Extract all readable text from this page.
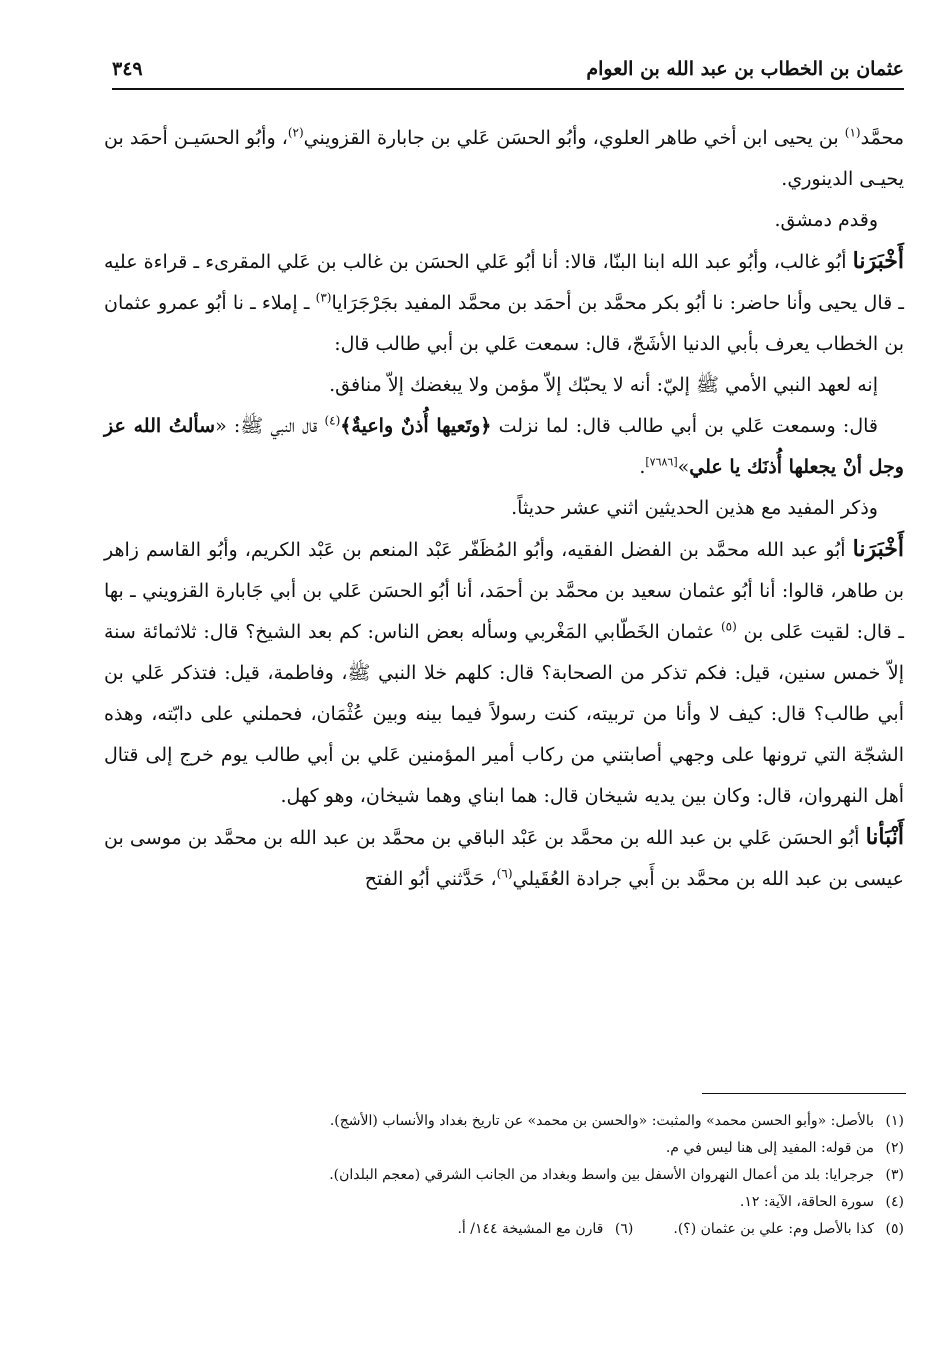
عثمان بن الخطاب بن عبد الله بن العوام
٣٤٩

محمَّد$^{(١)}$ بن يحيى ابن أخي طاهر العلوي، وأبُو الحسَن عَلي بن جابارة القزويني$^{(٢)}$، وأبُو الحسَيـن أحمَد بن يحيـى الدينوري.

وقدم دمشق.

أَخْبَرَنا أبُو غالب، وأبُو عبد الله ابنا البنّا، قالا: أنا أبُو عَلي الحسَن بن غالب بن عَلي المقرىء ـ قراءة عليه ـ قال يحيى وأنا حاضر: نا أبُو بكر محمَّد بن أحمَد بن محمَّد المفيد بجَرْجَرَايا$^{(٣)}$ ـ إملاء ـ نا أبُو عمرو عثمان بن الخطاب يعرف بأبي الدنيا الأشَجّ، قال: سمعت عَلي بن أبي طالب قال:

إنه لعهد النبي الأمي ﷺ إليّ: أنه لا يحبّك إلاّ مؤمن ولا يبغضك إلاّ منافق.

قال: وسمعت عَلي بن أبي طالب قال: لما نزلت ﴿وتَعيها أُذنٌ واعيةٌ﴾$^{(٤)}$ قال النبي ﷺ: «سألتُ الله عز وجل أنْ يجعلها أُذنَك يا علي»[٧٦٨٦].

وذكر المفيد مع هذين الحديثين اثني عشر حديثاً.

أَخْبَرَنا أبُو عبد الله محمَّد بن الفضل الفقيه، وأبُو المُظَفّر عَبْد المنعم بن عَبْد الكريم، وأبُو القاسم زاهر بن طاهر، قالوا: أنا أبُو عثمان سعيد بن محمَّد بن أحمَد، أنا أبُو الحسَن عَلي بن أبي جَابارة القزويني ـ بها ـ قال: لقيت عَلى بن $^{(٥)}$ عثمان الخَطّابي المَغْربي وسأله بعض الناس: كم بعد الشيخ؟ قال: ثلاثمائة سنة إلاّ خمس سنين، قيل: فكم تذكر من الصحابة؟ قال: كلهم خلا النبي ﷺ، وفاطمة، قيل: فتذكر عَلي بن أبي طالب؟ قال: كيف لا وأنا من تربيته، كنت رسولاً فيما بينه وبين عُثْمَان، فحملني على دابّته، وهذه الشجّة التي ترونها على وجهي أصابتني من ركاب أمير المؤمنين عَلي بن أبي طالب يوم خرج إلى قتال أهل النهروان، قال: وكان بين يديه شيخان قال: هما ابناي وهما شيخان، وهو كهل.

أَنْبَأنا أبُو الحسَن عَلي بن عبد الله بن محمَّد بن عَبْد الباقي بن محمَّد بن عبد الله بن محمَّد بن موسى بن عيسى بن عبد الله بن محمَّد بن أَبي جرادة العُقَيلي$^{(٦)}$، حَدَّثني أبُو الفتح

(١)بالأصل: «وأبو الحسن محمد» والمثبت: «والحسن بن محمد» عن تاريخ بغداد والأنساب (الأشج).

(٢)من قوله: المفيد إلى هنا ليس في م.

(٣)جرجرايا: بلد من أعمال النهروان الأسفل بين واسط وبغداد من الجانب الشرقي (معجم البلدان).

(٤)سورة الحاقة، الآية: ١٢.

(٥)كذا بالأصل وم: علي بن عثمان (؟).(٦)قارن مع المشيخة ١٤٤/ أ.
